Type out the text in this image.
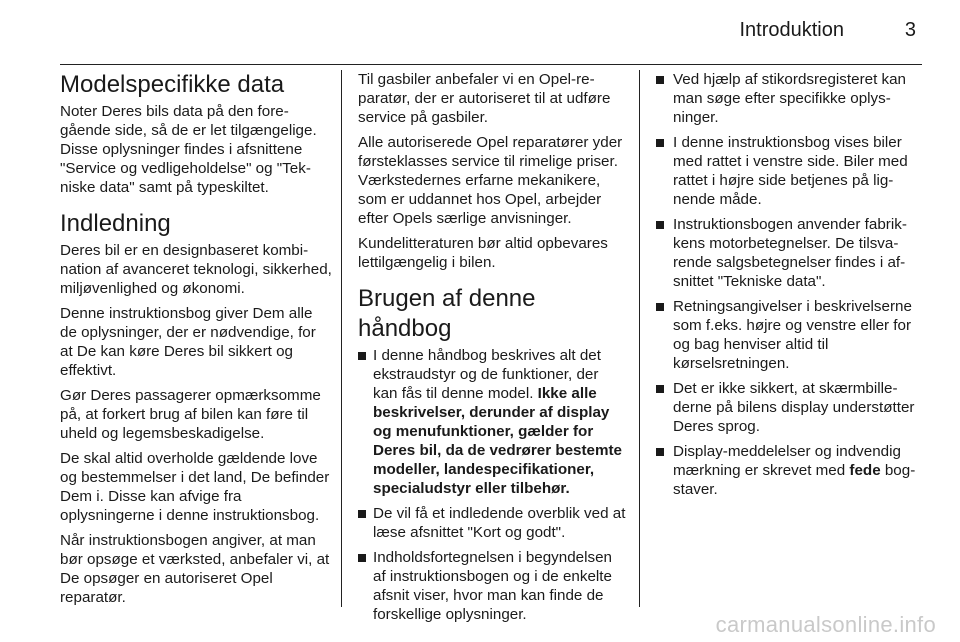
Introduktion	3
Modelspecifikke data

Noter Deres bils data på den foregående side, så de er let tilgængelige. Disse oplysninger findes i afsnittene "Service og vedligeholdelse" og "Tekniske data" samt på typeskiltet.

Indledning

Deres bil er en designbaseret kombination af avanceret teknologi, sikkerhed, miljøvenlighed og økonomi.

Denne instruktionsbog giver Dem alle de oplysninger, der er nødvendige, for at De kan køre Deres bil sikkert og effektivt.

Gør Deres passagerer opmærksomme på, at forkert brug af bilen kan føre til uheld og legemsbeskadigelse.

De skal altid overholde gældende love og bestemmelser i det land, De befinder Dem i. Disse kan afvige fra oplysningerne i denne instruktionsbog.

Når instruktionsbogen angiver, at man bør opsøge et værksted, anbefaler vi, at De opsøger en autoriseret Opel reparatør.

Til gasbiler anbefaler vi en Opel-reparatør, der er autoriseret til at udføre service på gasbiler.

Alle autoriserede Opel reparatører yder førsteklasses service til rimelige priser. Værkstedernes erfarne mekanikere, som er uddannet hos Opel, arbejder efter Opels særlige anvisninger.

Kundelitteraturen bør altid opbevares lettilgængelig i bilen.

Brugen af denne håndbog
I denne håndbog beskrives alt det ekstraudstyr og de funktioner, der kan fås til denne model. Ikke alle beskrivelser, derunder af display og menufunktioner, gælder for Deres bil, da de vedrører bestemte modeller, landespecifikationer, specialudstyr eller tilbehør.
De vil få et indledende overblik ved at læse afsnittet "Kort og godt".
Indholdsfortegnelsen i begyndelsen af instruktionsbogen og i de enkelte afsnit viser, hvor man kan finde de forskellige oplysninger.
Ved hjælp af stikordsregisteret kan man søge efter specifikke oplysninger.
I denne instruktionsbog vises biler med rattet i venstre side. Biler med rattet i højre side betjenes på lignende måde.
Instruktionsbogen anvender fabrikkens motorbetegnelser. De tilsvarende salgsbetegnelser findes i afsnittet "Tekniske data".
Retningsangivelser i beskrivelserne som f.eks. højre og venstre eller for og bag henviser altid til kørselsretningen.
Det er ikke sikkert, at skærmbillederne på bilens display understøtter Deres sprog.
Display-meddelelser og indvendig mærkning er skrevet med fede bogstaver.
carmanualsonline.info
